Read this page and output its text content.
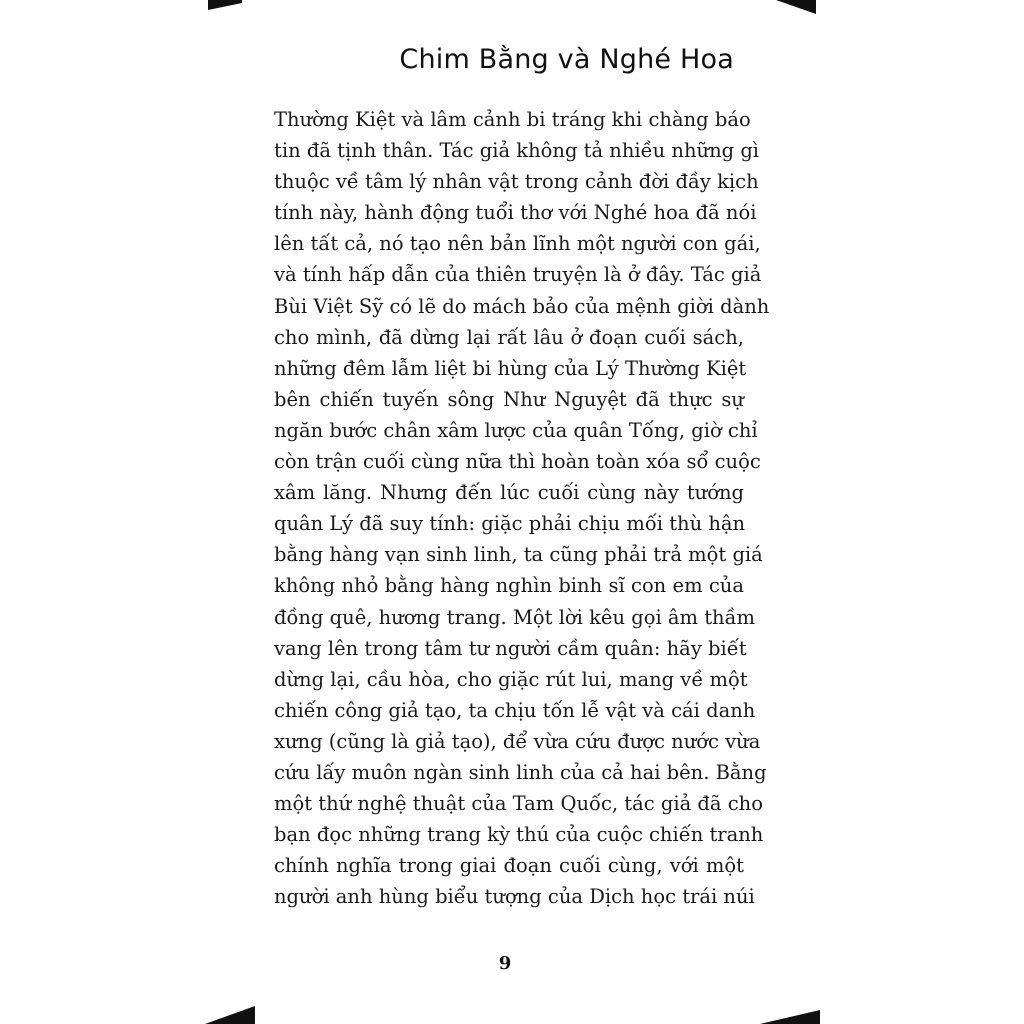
Chim Bằng và Nghé Hoa
Thường Kiệt và lâm cảnh bi tráng khi chàng báo
tin đã tịnh thân. Tác giả không tả nhiều những gì
thuộc về tâm lý nhân vật trong cảnh đời đầy kịch
tính này, hành động tuổi thơ với Nghé hoa đã nói
lên tất cả, nó tạo nên bản lĩnh một người con gái,
và tính hấp dẫn của thiên truyện là ở đây. Tác giả
Bùi Việt Sỹ có lẽ do mách bảo của mệnh giời dành
cho mình, đã dừng lại rất lâu ở đoạn cuối sách,
những đêm lẫm liệt bi hùng của Lý Thường Kiệt
bên chiến tuyến sông Như Nguyệt đã thực sự
ngăn bước chân xâm lược của quân Tống, giờ chỉ
còn trận cuối cùng nữa thì hoàn toàn xóa sổ cuộc
xâm lăng. Nhưng đến lúc cuối cùng này tướng
quân Lý đã suy tính: giặc phải chịu mối thù hận
bằng hàng vạn sinh linh, ta cũng phải trả một giá
không nhỏ bằng hàng nghìn binh sĩ con em của
đồng quê, hương trang. Một lời kêu gọi âm thầm
vang lên trong tâm tư người cầm quân: hãy biết
dừng lại, cầu hòa, cho giặc rút lui, mang về một
chiến công giả tạo, ta chịu tốn lễ vật và cái danh
xưng (cũng là giả tạo), để vừa cứu được nước vừa
cứu lấy muôn ngàn sinh linh của cả hai bên. Bằng
một thứ nghệ thuật của Tam Quốc, tác giả đã cho
bạn đọc những trang kỳ thú của cuộc chiến tranh
chính nghĩa trong giai đoạn cuối cùng, với một
người anh hùng biểu tượng của Dịch học trái núi
9
